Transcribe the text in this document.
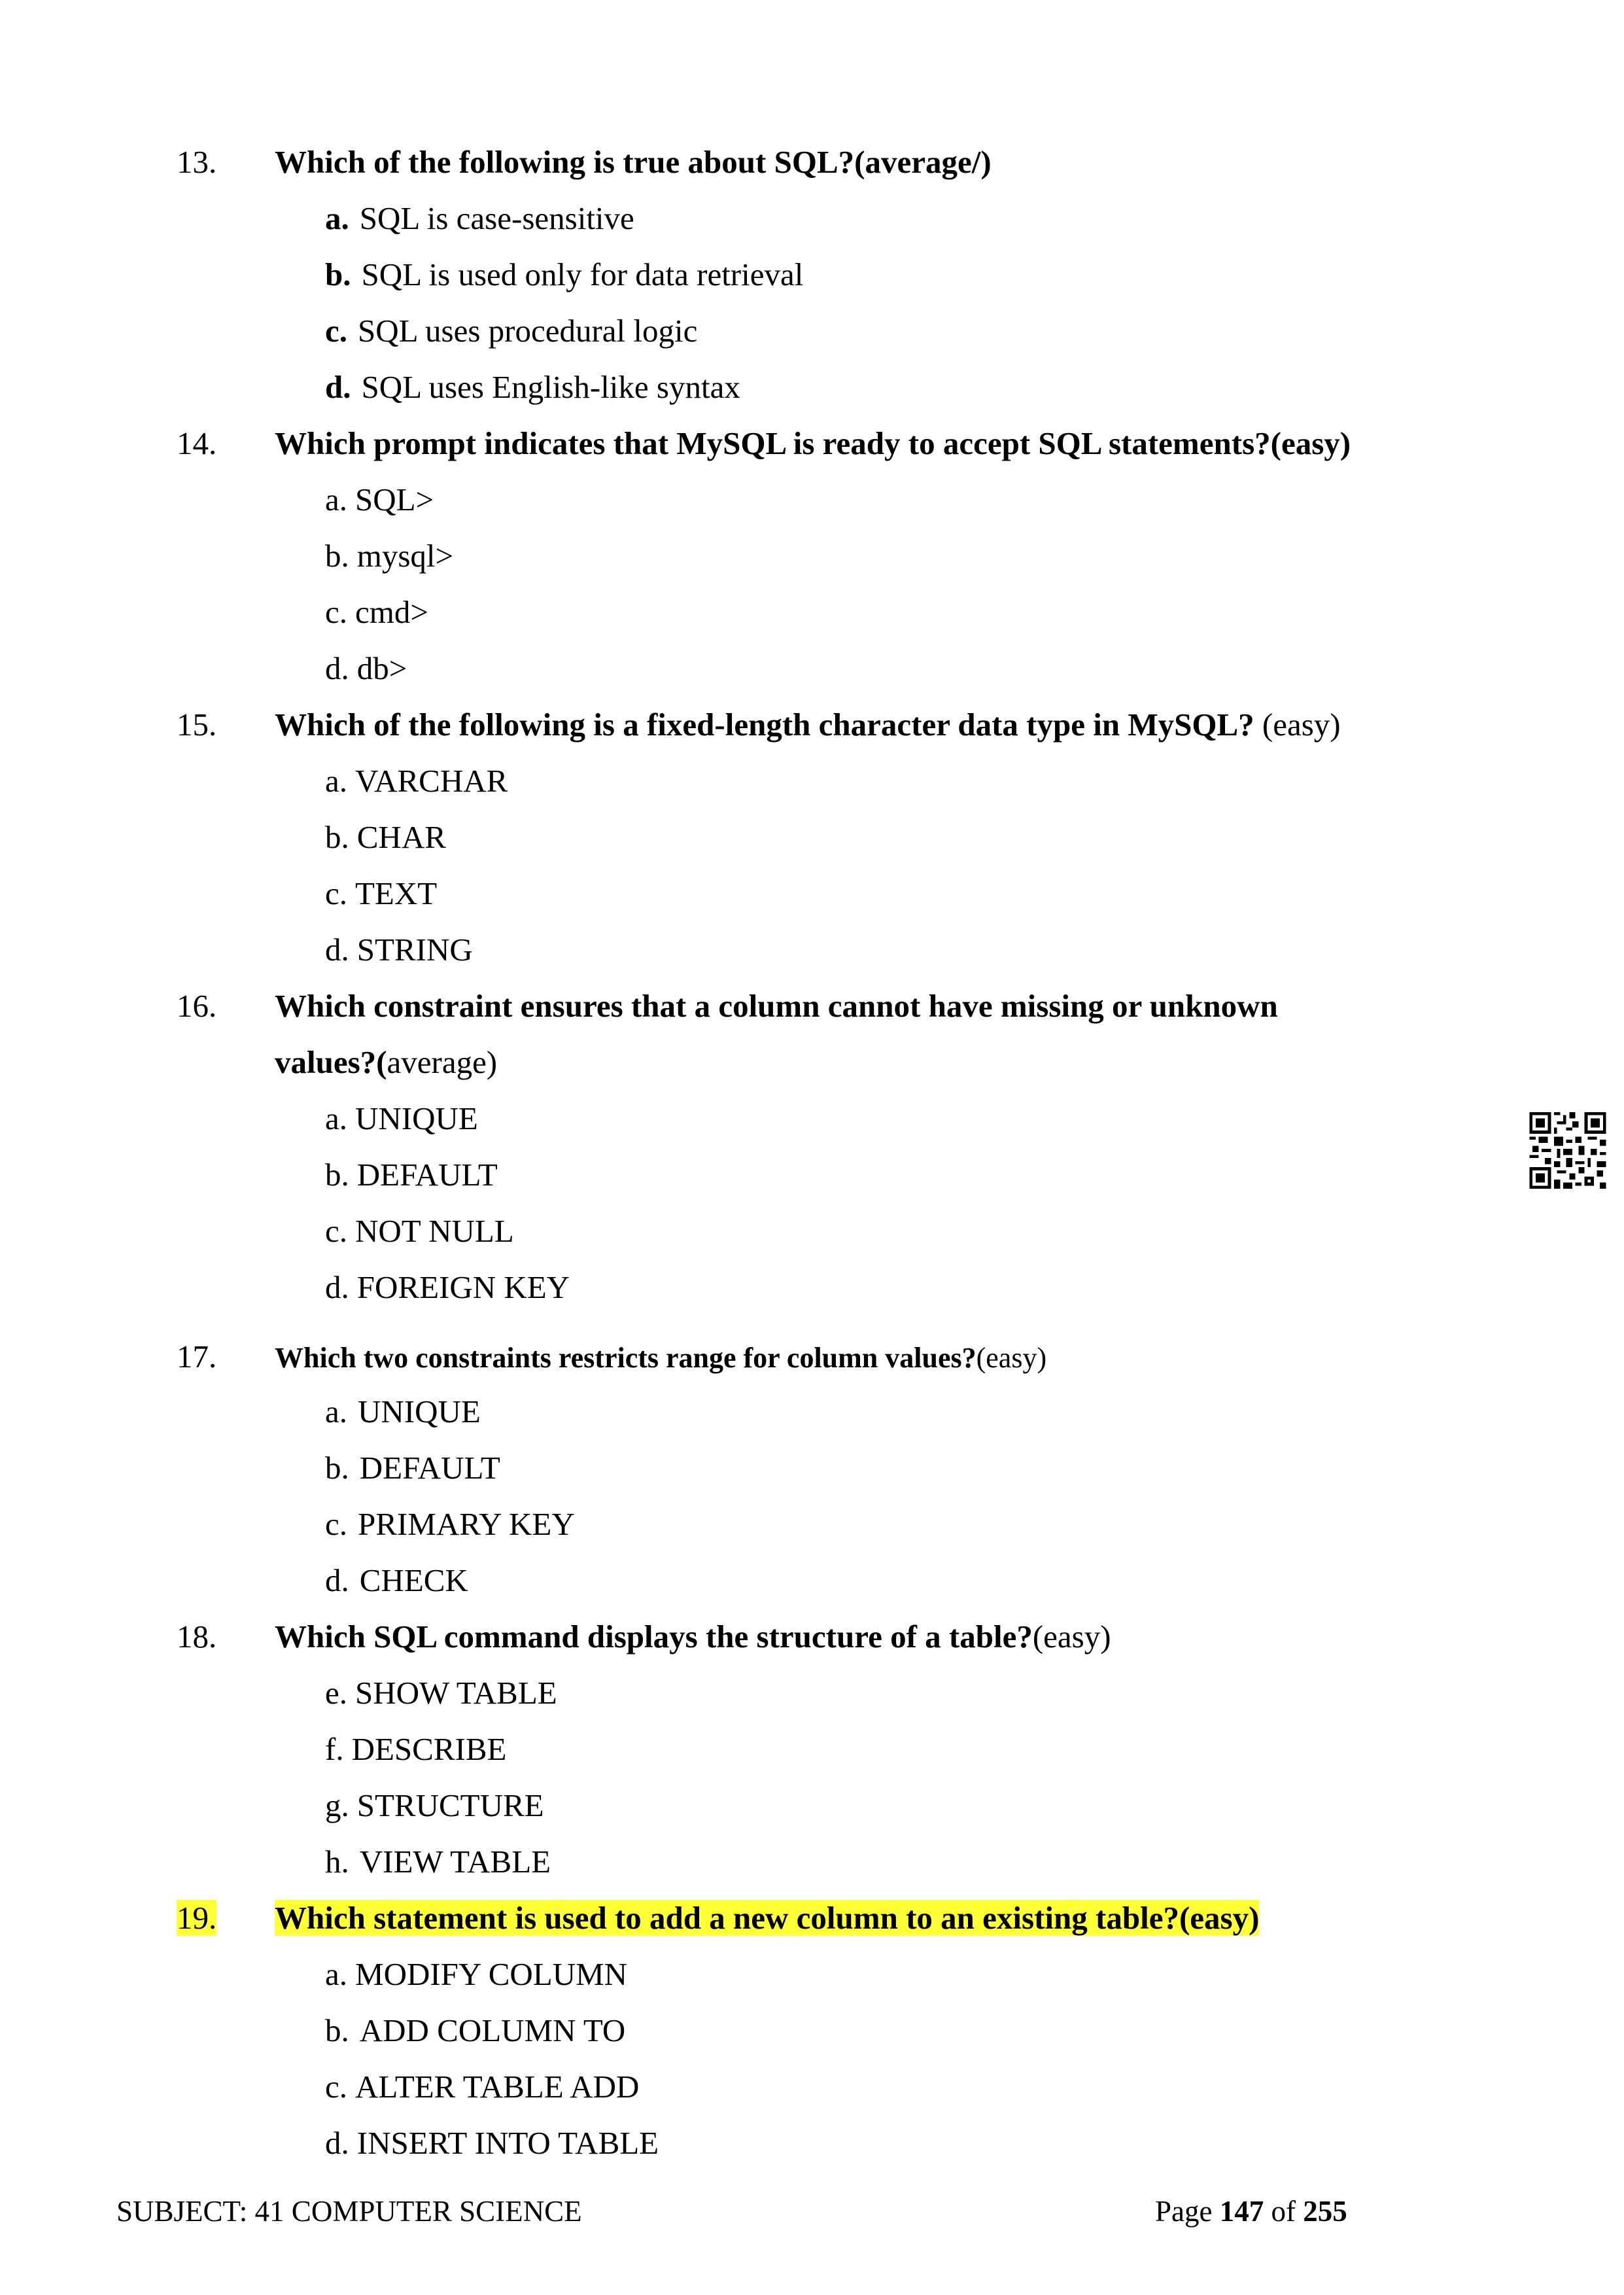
13. Which of the following is true about SQL?(average/)
a. SQL is case-sensitive
b. SQL is used only for data retrieval
c. SQL uses procedural logic
d. SQL uses English-like syntax
14. Which prompt indicates that MySQL is ready to accept SQL statements?(easy)
a. SQL>
b. mysql>
c. cmd>
d. db>
15. Which of the following is a fixed-length character data type in MySQL? (easy)
a. VARCHAR
b. CHAR
c. TEXT
d. STRING
16. Which constraint ensures that a column cannot have missing or unknown
values?(average)
a. UNIQUE
b. DEFAULT
c. NOT NULL
d. FOREIGN KEY
17. Which two constraints restricts range for column values?(easy)
a. UNIQUE
b. DEFAULT
c. PRIMARY KEY
d. CHECK
18. Which SQL command displays the structure of a table?(easy)
e. SHOW TABLE
f. DESCRIBE
g. STRUCTURE
h. VIEW TABLE
19. Which statement is used to add a new column to an existing table?(easy)
a. MODIFY COLUMN
b. ADD COLUMN TO
c. ALTER TABLE ADD
d. INSERT INTO TABLE
SUBJECT: 41 COMPUTER SCIENCE	Page 147 of 255
